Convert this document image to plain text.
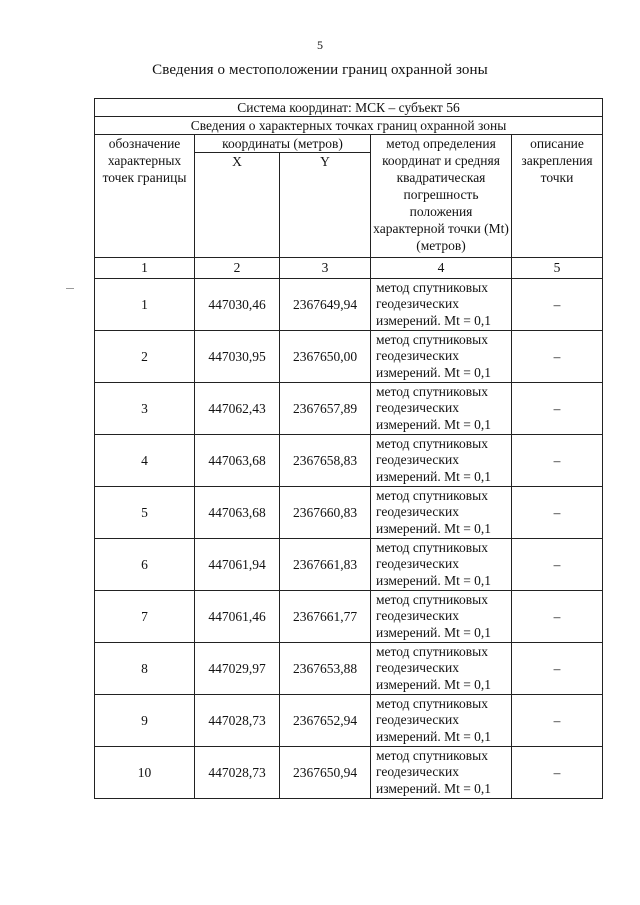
5
Сведения о местоположении границ охранной зоны
Система координат: МСК – субъект 56				
Сведения о характерных точках границ охранной зоны				
обозначение характерных точек границы	координаты (метров)		метод определения координат и средняя квадратическая погрешность положения характерной точки (Mt) (метров)	описание закрепления точки
	X	Y		
1	2	3	4	5
1	447030,46	2367649,94	метод спутниковых геодезических измерений. Mt = 0,1	–
2	447030,95	2367650,00	метод спутниковых геодезических измерений. Mt = 0,1	–
3	447062,43	2367657,89	метод спутниковых геодезических измерений. Mt = 0,1	–
4	447063,68	2367658,83	метод спутниковых геодезических измерений. Mt = 0,1	–
5	447063,68	2367660,83	метод спутниковых геодезических измерений. Mt = 0,1	–
6	447061,94	2367661,83	метод спутниковых геодезических измерений. Mt = 0,1	–
7	447061,46	2367661,77	метод спутниковых геодезических измерений. Mt = 0,1	–
8	447029,97	2367653,88	метод спутниковых геодезических измерений. Mt = 0,1	–
9	447028,73	2367652,94	метод спутниковых геодезических измерений. Mt = 0,1	–
10	447028,73	2367650,94	метод спутниковых геодезических измерений. Mt = 0,1	–
